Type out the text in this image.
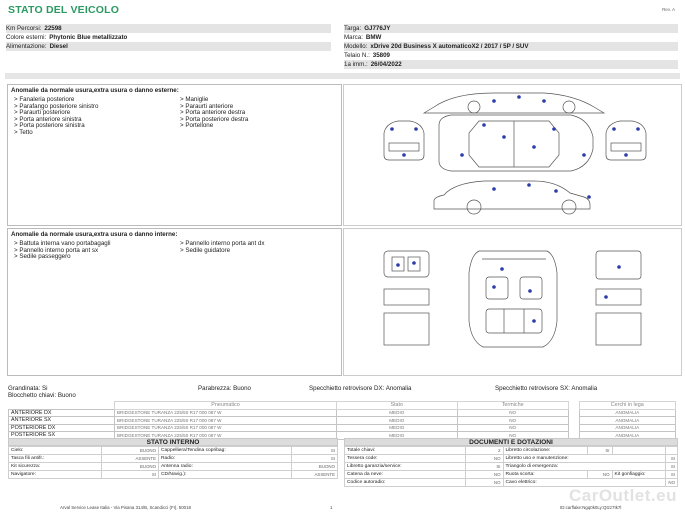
STATO DEL VEICOLO	Rev. A
Km Percorsi: 22598
Colore esterni: Phytonic Blue metallizzato
Alimentazione: Diesel
Targa: GJ776JY
Marca: BMW
Modello: xDrive 20d Business X automaticoX2 / 2017 / 5P / SUV
Telaio N.: 35809
1a imm.: 26/04/2022
Anomalie da normale usura,extra usura o danno esterne:
> Fanaleria posteriore
> Parafango posteriore sinistro
> Paraurti posteriore
> Porta anteriore sinistra
> Porta posteriore sinistra
> Tetto
> Maniglie
> Paraurti anteriore
> Porta anteriore destra
> Porta posteriore destra
> Portellone
Anomalie da normale usura,extra usura o danno interne:
> Battuta interna vano portabagagli
> Pannello interno porta ant sx
> Sedile passeggero
> Pannello interno porta ant dx
> Sedile guidatore
Grandinata: Si	Parabrezza: Buono	Specchietto retrovisore DX: Anomalia	Specchietto retrovisore SX: Anomalia
Blocchetto chiavi: Buono
	Pneumatico	Stato	Termiche		Cerchi in lega
ANTERIORE DX	BRIDGESTONE TURANZA 225/50 R17 000 087 W	MEDIO	NO		ANOMALIA
ANTERIORE SX	BRIDGESTONE TURANZA 225/50 R17 000 087 W	MEDIO	NO		ANOMALIA
POSTERIORE DX	BRIDGESTONE TURANZA 225/50 R17 000 087 W	MEDIO	NO		ANOMALIA
POSTERIORE SX	BRIDGESTONE TURANZA 225/50 R17 000 087 W	MEDIO	NO		ANOMALIA
STATO INTERNO
Cielo:	BUONO	Cappelliera/Tendina copribag:	SI
Tasca fili antifr.:	ASSENTE	Radio:	SI
Kit sicurezza:	BUONO	Antenna radio:	BUONO
Navigatore:	SI	CD/Navig.):	ASSENTE
DOCUMENTI E DOTAZIONI
Totale chiavi:	2	Libretto circolazione:	SI		
Tessera code:	NO	Libretto uso e manutenzione:			SI
Libretto garanzia/service:	SI	Triangolo di emergenza:			SI
Catena da neve:	NO	Ruota scorta:	NO	Kit gonfiaggio:	SI
Codice autoradio:	NO	Cavo elettrico:			NO
CarOutlet.eu
Arval Service Lease Italia - Via Pisana 314/B, Scandicci (FI), 50018	1	ID:carflake:Ngq0k0Ly:Qtzz7tk7l
